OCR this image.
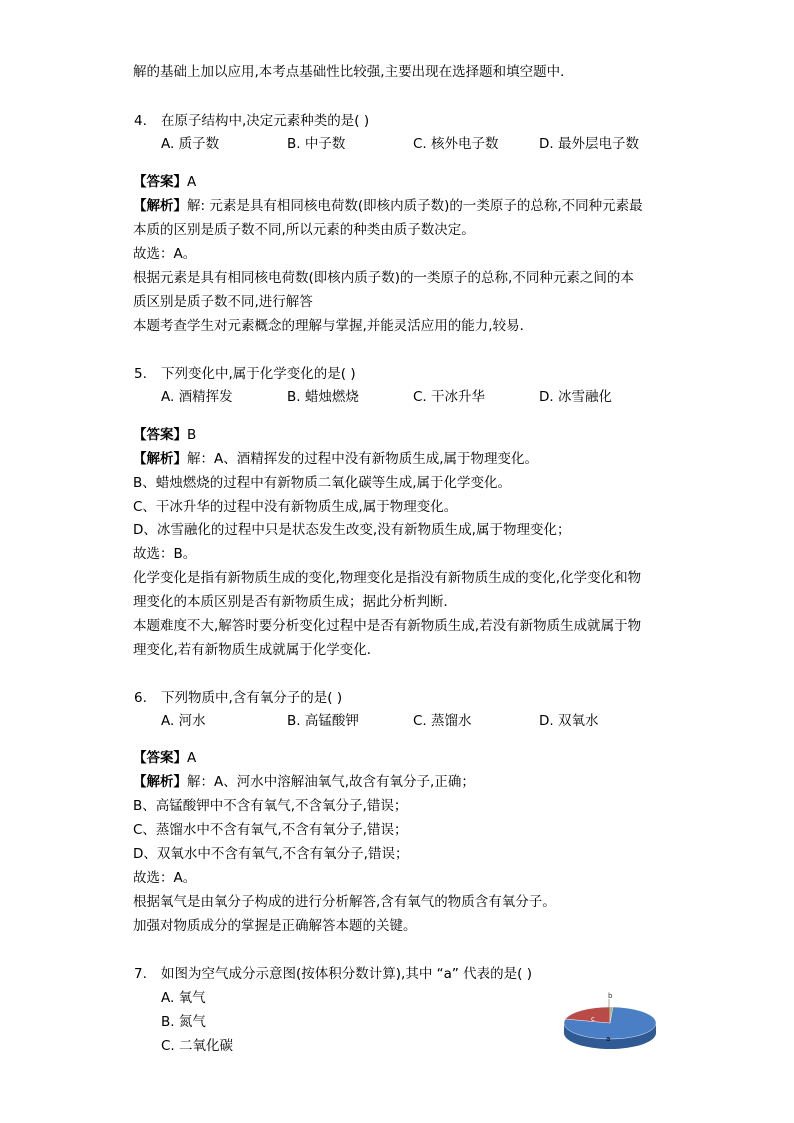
解的基础上加以应用,本考点基础性比较强,主要出现在选择题和填空题中．
4. 在原子结构中,决定元素种类的是( )
A. 质子数	B. 中子数	C. 核外电子数	D. 最外层电子数
【答案】A
【解析】解: 元素是具有相同核电荷数(即核内质子数)的一类原子的总称,不同种元素最
本质的区别是质子数不同,所以元素的种类由质子数决定。
故选：A。
根据元素是具有相同核电荷数(即核内质子数)的一类原子的总称,不同种元素之间的本
质区别是质子数不同,进行解答
本题考查学生对元素概念的理解与掌握,并能灵活应用的能力,较易．
5. 下列变化中,属于化学变化的是( )
A. 酒精挥发	B. 蜡烛燃烧	C. 干冰升华	D. 冰雪融化
【答案】B
【解析】解：A、酒精挥发的过程中没有新物质生成,属于物理变化。
B、蜡烛燃烧的过程中有新物质二氧化碳等生成,属于化学变化。
C、干冰升华的过程中没有新物质生成,属于物理变化。
D、冰雪融化的过程中只是状态发生改变,没有新物质生成,属于物理变化；
故选：B。
化学变化是指有新物质生成的变化,物理变化是指没有新物质生成的变化,化学变化和物
理变化的本质区别是否有新物质生成；据此分析判断．
本题难度不大,解答时要分析变化过程中是否有新物质生成,若没有新物质生成就属于物
理变化,若有新物质生成就属于化学变化．
6. 下列物质中,含有氧分子的是( )
A. 河水	B. 高锰酸钾	C. 蒸馏水	D. 双氧水
【答案】A
【解析】解：A、河水中溶解油氧气,故含有氧分子,正确；
B、高锰酸钾中不含有氧气,不含氧分子,错误；
C、蒸馏水中不含有氧气,不含有氧分子,错误；
D、双氧水中不含有氧气,不含有氧分子,错误；
故选：A。
根据氧气是由氧分子构成的进行分析解答,含有氧气的物质含有氧分子。
加强对物质成分的掌握是正确解答本题的关键。
7. 如图为空气成分示意图(按体积分数计算),其中 “a” 代表的是( )
A. 氧气
B. 氮气
C. 二氧化碳
b
c
a
